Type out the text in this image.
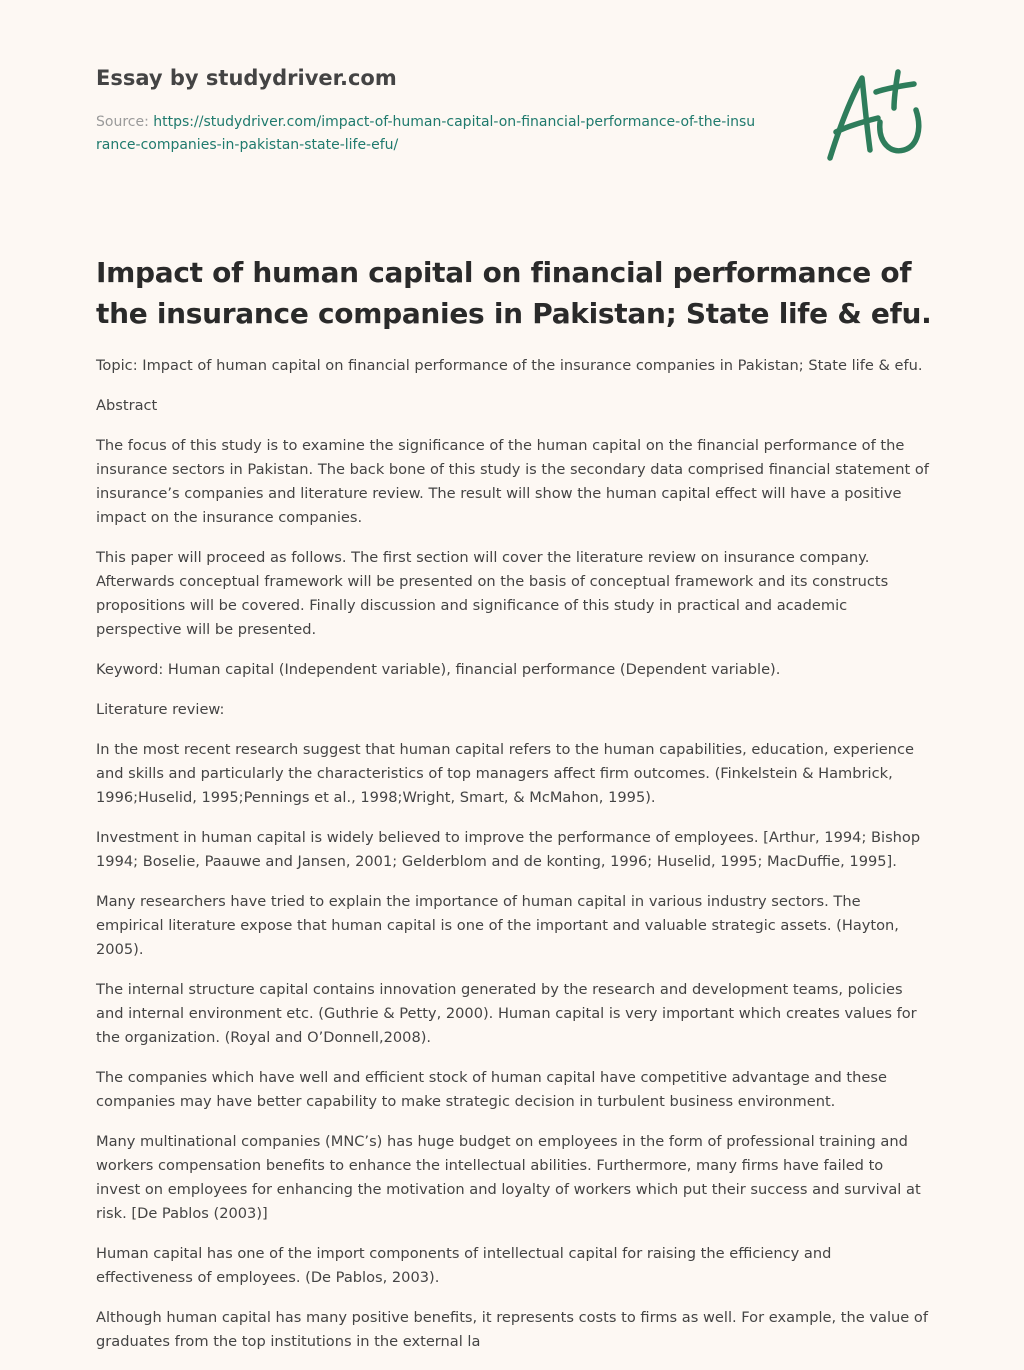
Essay by studydriver.com
Source: https://studydriver.com/impact-of-human-capital-on-financial-performance-of-the-insurance-companies-in-pakistan-state-life-efu/
Impact of human capital on financial performance of the insurance companies in Pakistan; State life & efu.

Topic: Impact of human capital on financial performance of the insurance companies in Pakistan; State life & efu.

Abstract

The focus of this study is to examine the significance of the human capital on the financial performance of the insurance sectors in Pakistan. The back bone of this study is the secondary data comprised financial statement of insurance’s companies and literature review. The result will show the human capital effect will have a positive impact on the insurance companies.

This paper will proceed as follows. The first section will cover the literature review on insurance company. Afterwards conceptual framework will be presented on the basis of conceptual framework and its constructs propositions will be covered. Finally discussion and significance of this study in practical and academic perspective will be presented.

Keyword: Human capital (Independent variable), financial performance (Dependent variable).

Literature review:

In the most recent research suggest that human capital refers to the human capabilities, education, experience and skills and particularly the characteristics of top managers affect firm outcomes. (Finkelstein & Hambrick, 1996;Huselid, 1995;Pennings et al., 1998;Wright, Smart, & McMahon, 1995).

Investment in human capital is widely believed to improve the performance of employees. [Arthur, 1994; Bishop 1994; Boselie, Paauwe and Jansen, 2001; Gelderblom and de konting, 1996; Huselid, 1995; MacDuffie, 1995].

Many researchers have tried to explain the importance of human capital in various industry sectors. The empirical literature expose that human capital is one of the important and valuable strategic assets. (Hayton, 2005).

The internal structure capital contains innovation generated by the research and development teams, policies and internal environment etc. (Guthrie & Petty, 2000). Human capital is very important which creates values for the organization. (Royal and O’Donnell,2008).

The companies which have well and efficient stock of human capital have competitive advantage and these companies may have better capability to make strategic decision in turbulent business environment.

Many multinational companies (MNC’s) has huge budget on employees in the form of professional training and workers compensation benefits to enhance the intellectual abilities. Furthermore, many firms have failed to invest on employees for enhancing the motivation and loyalty of workers which put their success and survival at risk. [De Pablos (2003)]

Human capital has one of the import components of intellectual capital for raising the efficiency and effectiveness of employees. (De Pablos, 2003).

Although human capital has many positive benefits, it represents costs to firms as well. For example, the value of graduates from the top institutions in the external la
